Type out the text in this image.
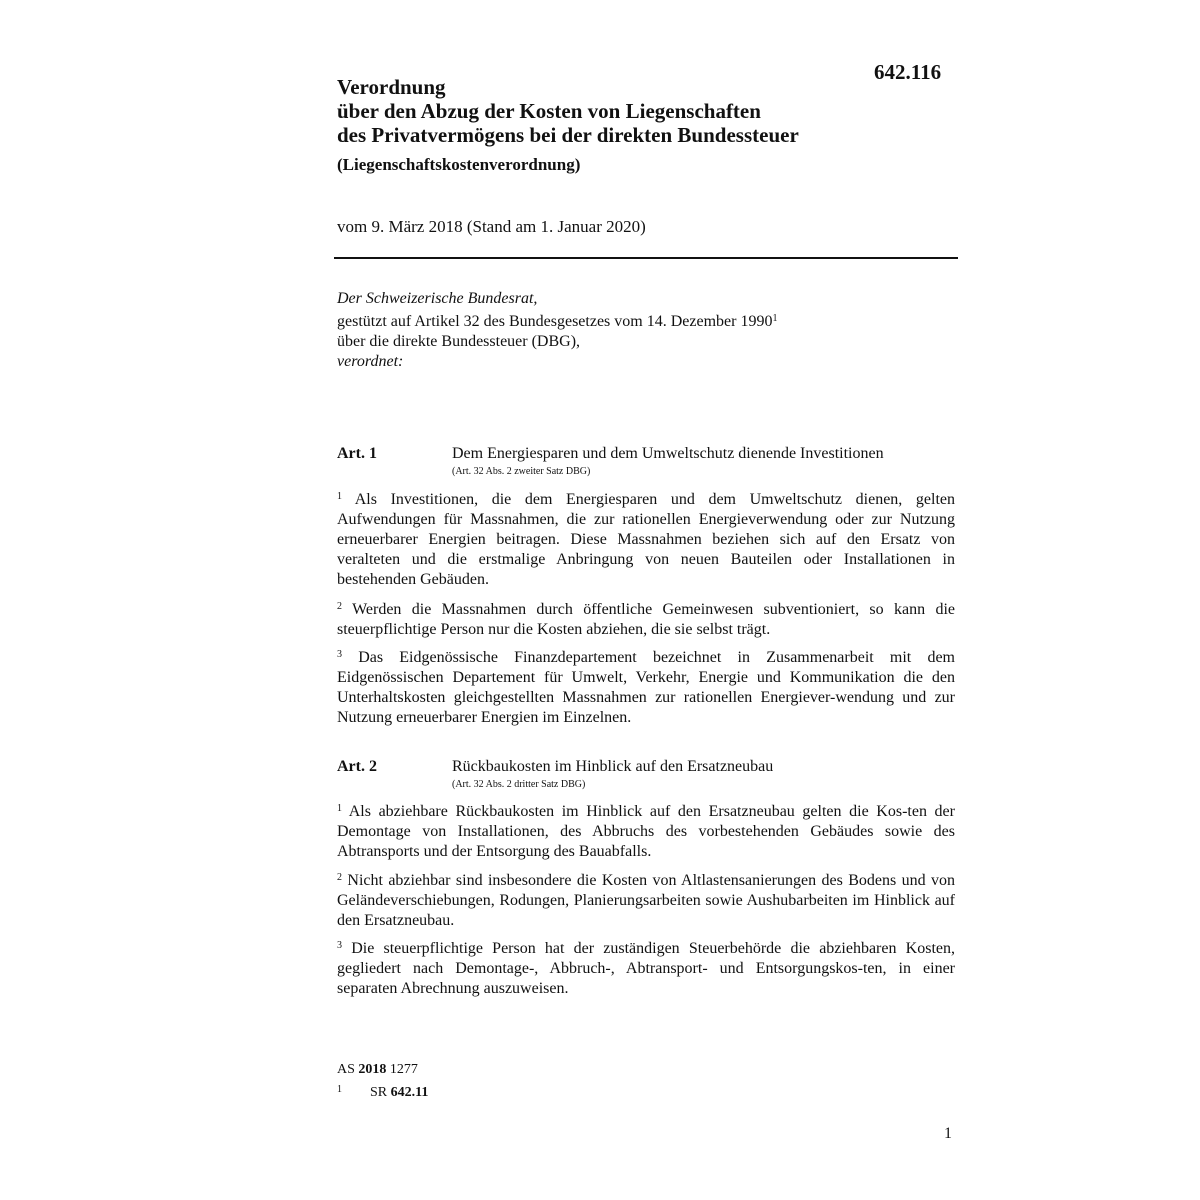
642.116
Verordnung
über den Abzug der Kosten von Liegenschaften
des Privatvermögens bei der direkten Bundessteuer
(Liegenschaftskostenverordnung)
vom 9. März 2018 (Stand am 1. Januar 2020)
Der Schweizerische Bundesrat,
gestützt auf Artikel 32 des Bundesgesetzes vom 14. Dezember 1990$^1$
über die direkte Bundessteuer (DBG),
verordnet:
Art. 1	Dem Energiesparen und dem Umweltschutz dienende Investitionen
(Art. 32 Abs. 2 zweiter Satz DBG)

$^1$ Als Investitionen, die dem Energiesparen und dem Umweltschutz dienen, gelten Aufwendungen für Massnahmen, die zur rationellen Energieverwendung oder zur Nutzung erneuerbarer Energien beitragen. Diese Massnahmen beziehen sich auf den Ersatz von veralteten und die erstmalige Anbringung von neuen Bauteilen oder Installationen in bestehenden Gebäuden.

$^2$ Werden die Massnahmen durch öffentliche Gemeinwesen subventioniert, so kann die steuerpflichtige Person nur die Kosten abziehen, die sie selbst trägt.

$^3$ Das Eidgenössische Finanzdepartement bezeichnet in Zusammenarbeit mit dem Eidgenössischen Departement für Umwelt, Verkehr, Energie und Kommunikation die den Unterhaltskosten gleichgestellten Massnahmen zur rationellen Energiever-wendung und zur Nutzung erneuerbarer Energien im Einzelnen.

Art. 2	Rückbaukosten im Hinblick auf den Ersatzneubau
(Art. 32 Abs. 2 dritter Satz DBG)

$^1$ Als abziehbare Rückbaukosten im Hinblick auf den Ersatzneubau gelten die Kos-ten der Demontage von Installationen, des Abbruchs des vorbestehenden Gebäudes sowie des Abtransports und der Entsorgung des Bauabfalls.

$^2$ Nicht abziehbar sind insbesondere die Kosten von Altlastensanierungen des Bodens und von Geländeverschiebungen, Rodungen, Planierungsarbeiten sowie Aushubarbeiten im Hinblick auf den Ersatzneubau.

$^3$ Die steuerpflichtige Person hat der zuständigen Steuerbehörde die abziehbaren Kosten, gegliedert nach Demontage-, Abbruch-, Abtransport- und Entsorgungskos-ten, in einer separaten Abrechnung auszuweisen.

AS 2018 1277
1 SR 642.11
1
